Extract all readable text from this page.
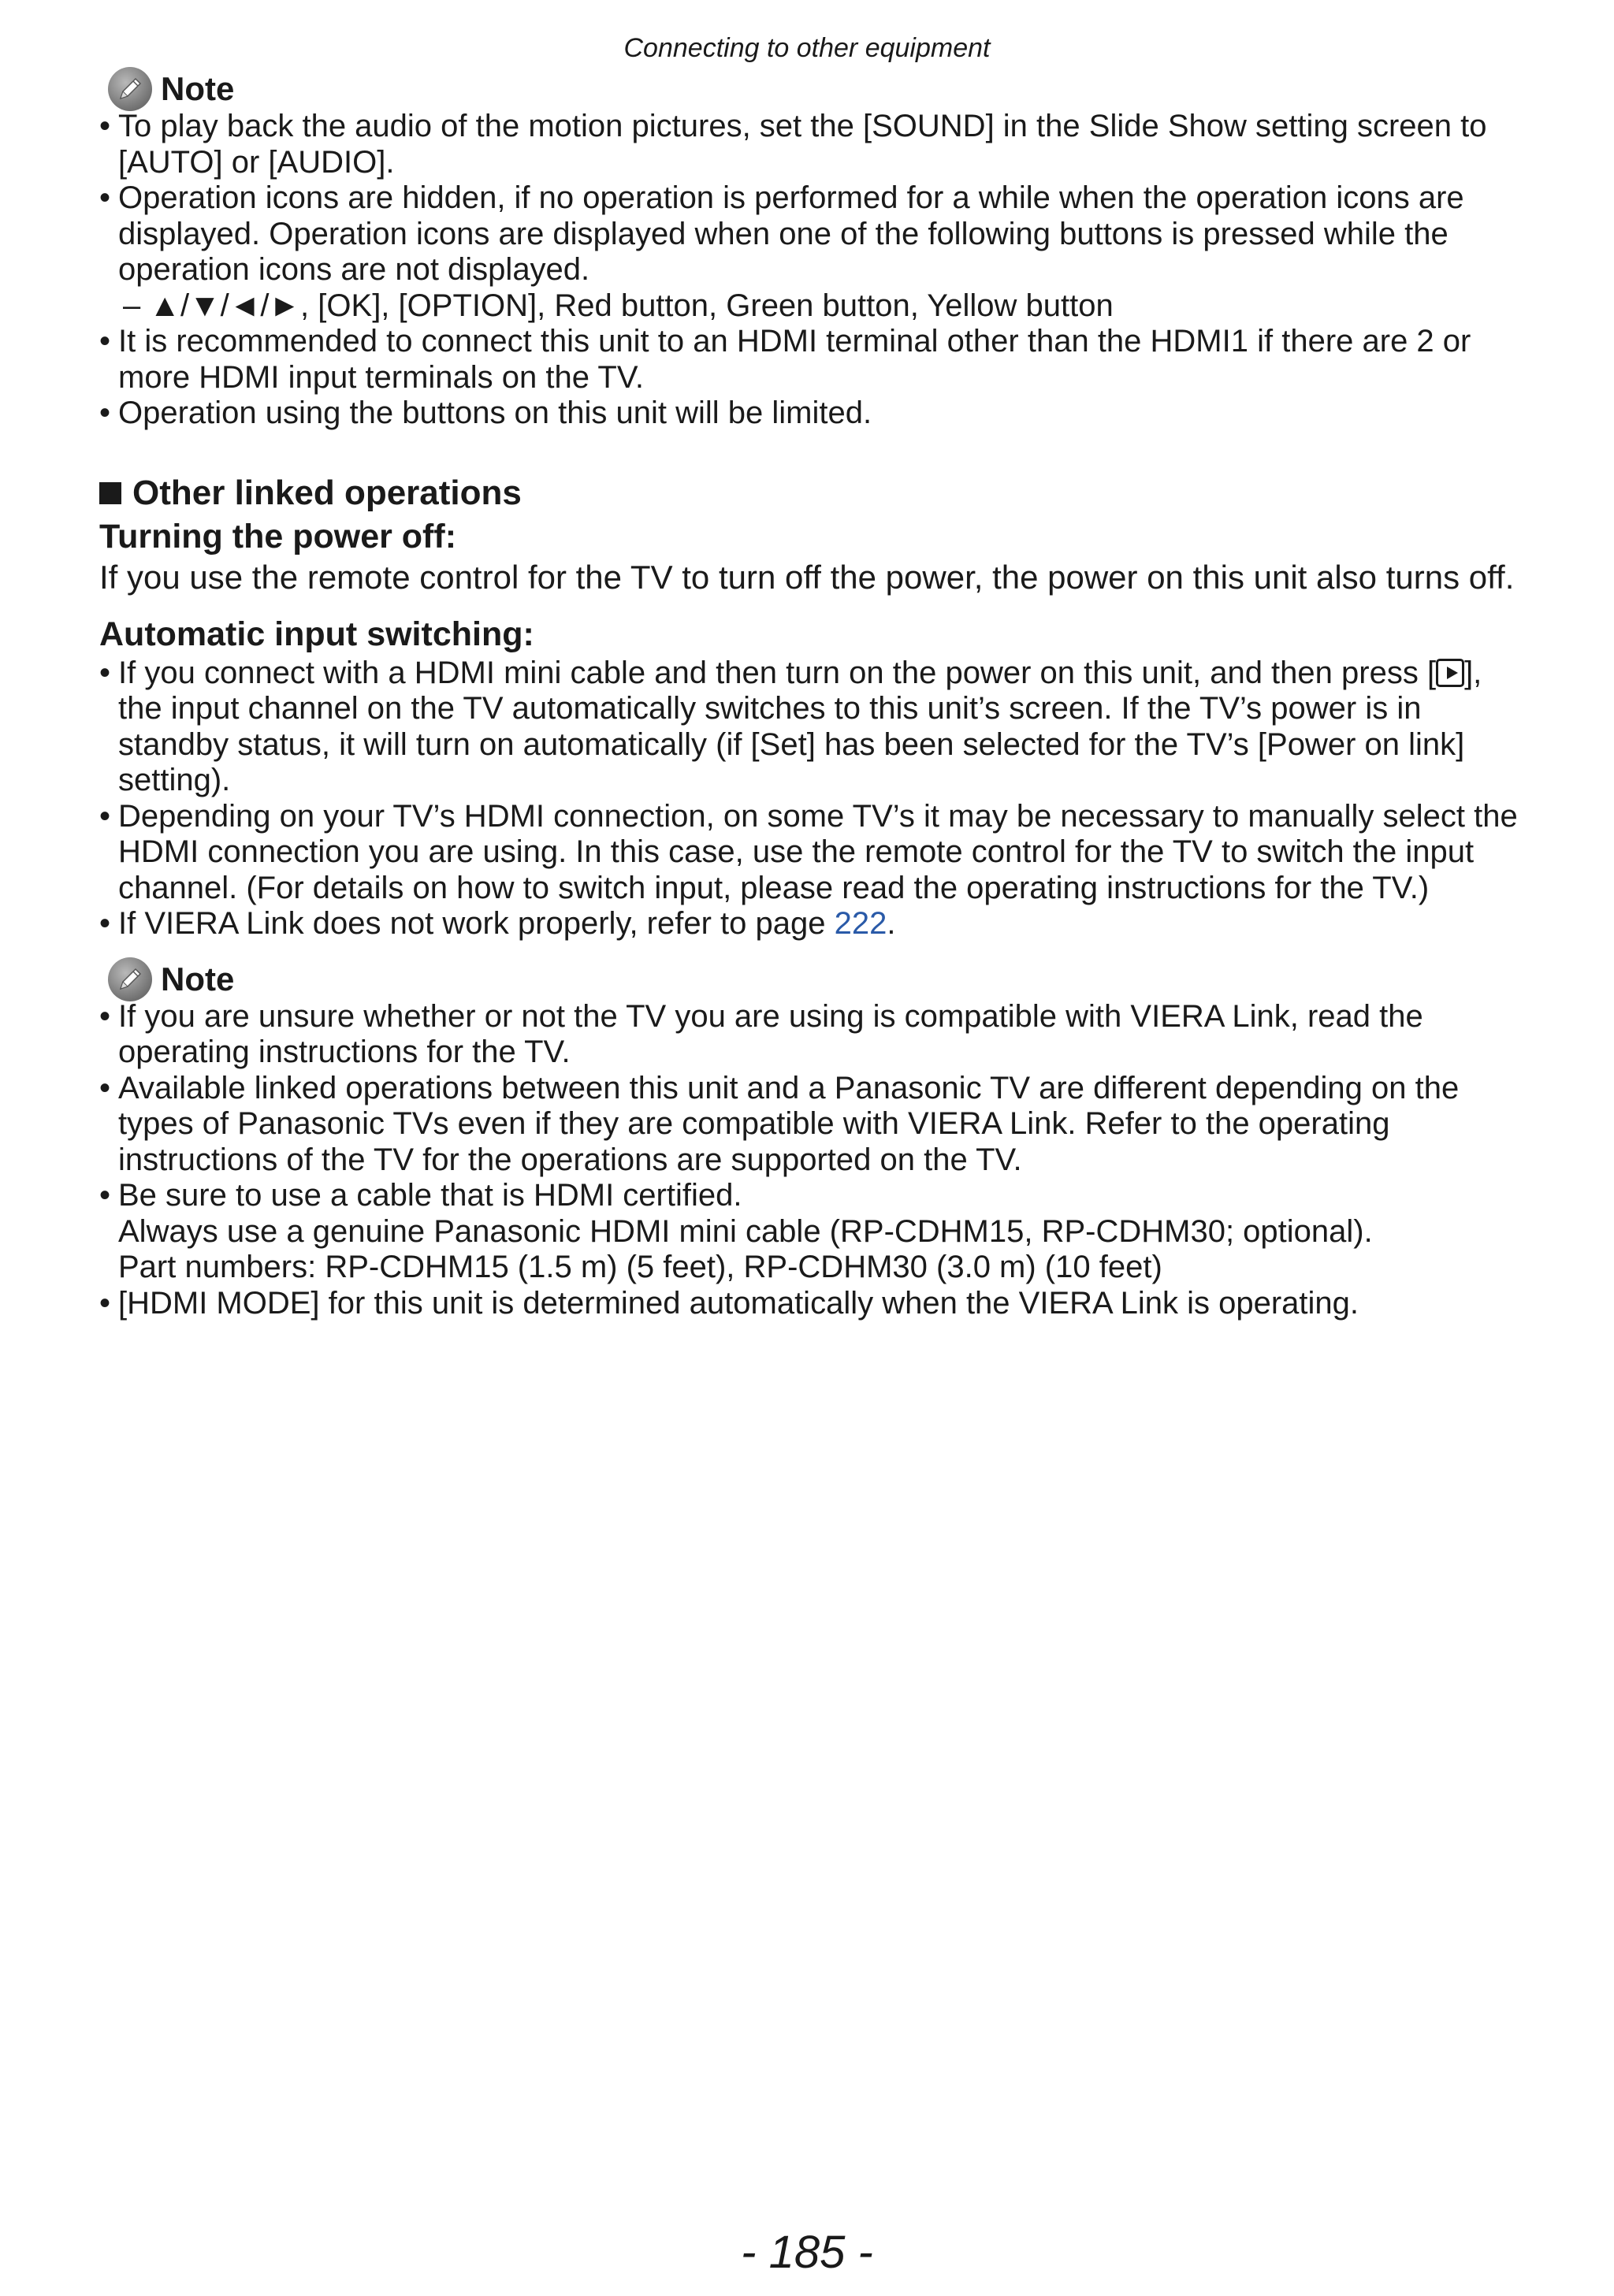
Connecting to other equipment
Note
• To play back the audio of the motion pictures, set the [SOUND] in the Slide Show setting screen to [AUTO] or [AUDIO].
• Operation icons are hidden, if no operation is performed for a while when the operation icons are displayed. Operation icons are displayed when one of the following buttons is pressed while the operation icons are not displayed.
– ▲/▼/◄/►, [OK], [OPTION], Red button, Green button, Yellow button
• It is recommended to connect this unit to an HDMI terminal other than the HDMI1 if there are 2 or more HDMI input terminals on the TV.
• Operation using the buttons on this unit will be limited.
Other linked operations
Turning the power off:
If you use the remote control for the TV to turn off the power, the power on this unit also turns off.
Automatic input switching:
• If you connect with a HDMI mini cable and then turn on the power on this unit, and then press [ ], the input channel on the TV automatically switches to this unit’s screen. If the TV’s power is in standby status, it will turn on automatically (if [Set] has been selected for the TV’s [Power on link] setting).
• Depending on your TV’s HDMI connection, on some TV’s it may be necessary to manually select the HDMI connection you are using. In this case, use the remote control for the TV to switch the input channel. (For details on how to switch input, please read the operating instructions for the TV.)
• If VIERA Link does not work properly, refer to page 222.
Note
• If you are unsure whether or not the TV you are using is compatible with VIERA Link, read the operating instructions for the TV.
• Available linked operations between this unit and a Panasonic TV are different depending on the types of Panasonic TVs even if they are compatible with VIERA Link. Refer to the operating instructions of the TV for the operations are supported on the TV.
• Be sure to use a cable that is HDMI certified.
Always use a genuine Panasonic HDMI mini cable (RP-CDHM15, RP-CDHM30; optional).
Part numbers: RP-CDHM15 (1.5 m) (5 feet), RP-CDHM30 (3.0 m) (10 feet)
• [HDMI MODE] for this unit is determined automatically when the VIERA Link is operating.
- 185 -
